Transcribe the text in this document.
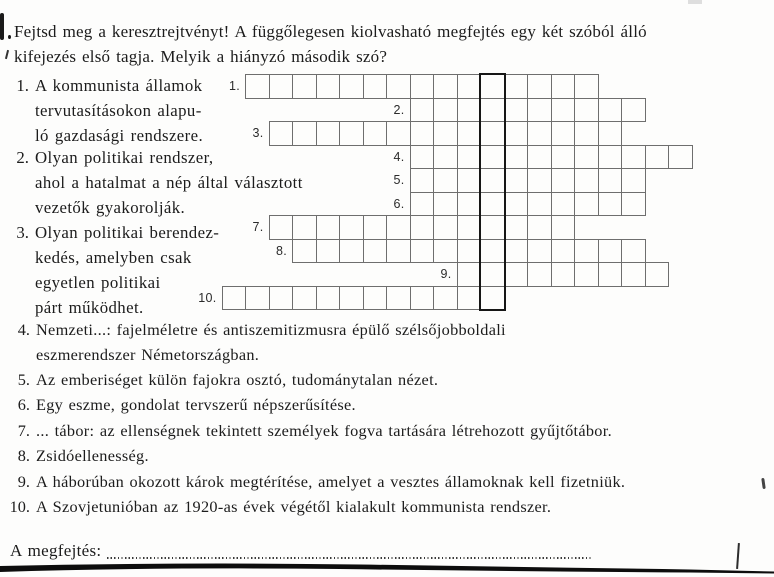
Fejtsd meg a keresztrejtvényt! A függőlegesen kiolvasható megfejtés egy két szóból álló
kifejezés első tagja. Melyik a hiányzó második szó?
1. A kommunista államok
tervutasításokon alapu-
ló gazdasági rendszere.
2. Olyan politikai rendszer,
ahol a hatalmat a nép által választott
vezetők gyakorolják.
3. Olyan politikai berendez-
kedés, amelyben csak
egyetlen politikai
párt működhet.
4. Nemzeti...: fajelméletre és antiszemitizmusra épülő szélsőjobboldali
eszmerendszer Németországban.
5. Az emberiséget külön fajokra osztó, tudománytalan nézet.
6. Egy eszme, gondolat tervszerű népszerűsítése.
7. ... tábor: az ellenségnek tekintett személyek fogva tartására létrehozott gyűjtőtábor.
8. Zsidóellenesség.
9. A háborúban okozott károk megtérítése, amelyet a vesztes államoknak kell fizetniük.
10. A Szovjetunióban az 1920-as évek végétől kialakult kommunista rendszer.
1.
2.
3.
4.
5.
6.
7.
8.
9.
10.
A megfejtés:
